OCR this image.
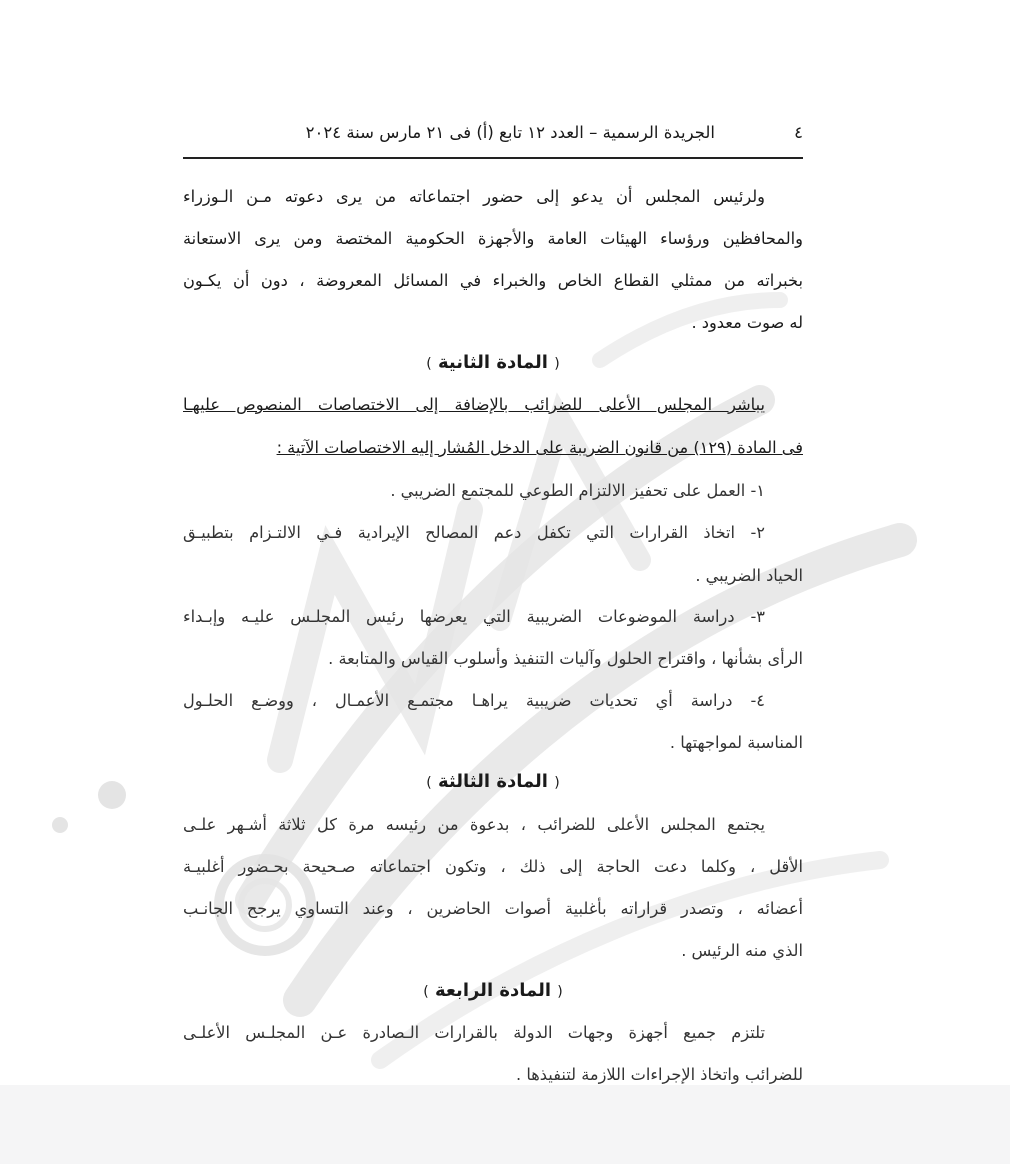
٤
الجريدة الرسمية – العدد ١٢ تابع (أ) فى ٢١ مارس سنة ٢٠٢٤
ولرئيس المجلس أن يدعو إلى حضور اجتماعاته من يرى دعوته مـن الـوزراء
والمحافظين ورؤساء الهيئات العامة والأجهزة الحكومية المختصة ومن يرى الاستعانة
بخبراته من ممثلي القطاع الخاص والخبراء في المسائل المعروضة ، دون أن يكـون
له صوت معدود .
( المادة الثانية )
يباشر المجلس الأعلى للضرائب بالإضافة إلى الاختصاصات المنصوص عليهـا
فى المادة (١٢٩) من قانون الضريبة على الدخل المُشار إليه الاختصاصات الآتية :
١- العمل على تحفيز الالتزام الطوعي للمجتمع الضريبي .
٢- اتخاذ القرارات التي تكفل دعم المصالح الإيرادية فـي الالتـزام بتطبيـق
الحياد الضريبي .
٣- دراسة الموضوعات الضريبية التي يعرضها رئيس المجلـس عليـه وإبـداء
الرأى بشأنها ، واقتراح الحلول وآليات التنفيذ وأسلوب القياس والمتابعة .
٤- دراسة أي تحديات ضريبية يراهـا مجتمـع الأعمـال ، ووضـع الحلـول
المناسبة لمواجهتها .
( المادة الثالثة )
يجتمع المجلس الأعلى للضرائب ، بدعوة من رئيسه مرة كل ثلاثة أشـهر علـى
الأقل ، وكلما دعت الحاجة إلى ذلك ، وتكون اجتماعاته صـحيحة بحـضور أغلبيـة
أعضائه ، وتصدر قراراته بأغلبية أصوات الحاضرين ، وعند التساوي يرجح الجانـب
الذي منه الرئيس .
( المادة الرابعة )
تلتزم جميع أجهزة وجهات الدولة بالقرارات الـصادرة عـن المجلـس الأعلـى
للضرائب واتخاذ الإجراءات اللازمة لتنفيذها .
